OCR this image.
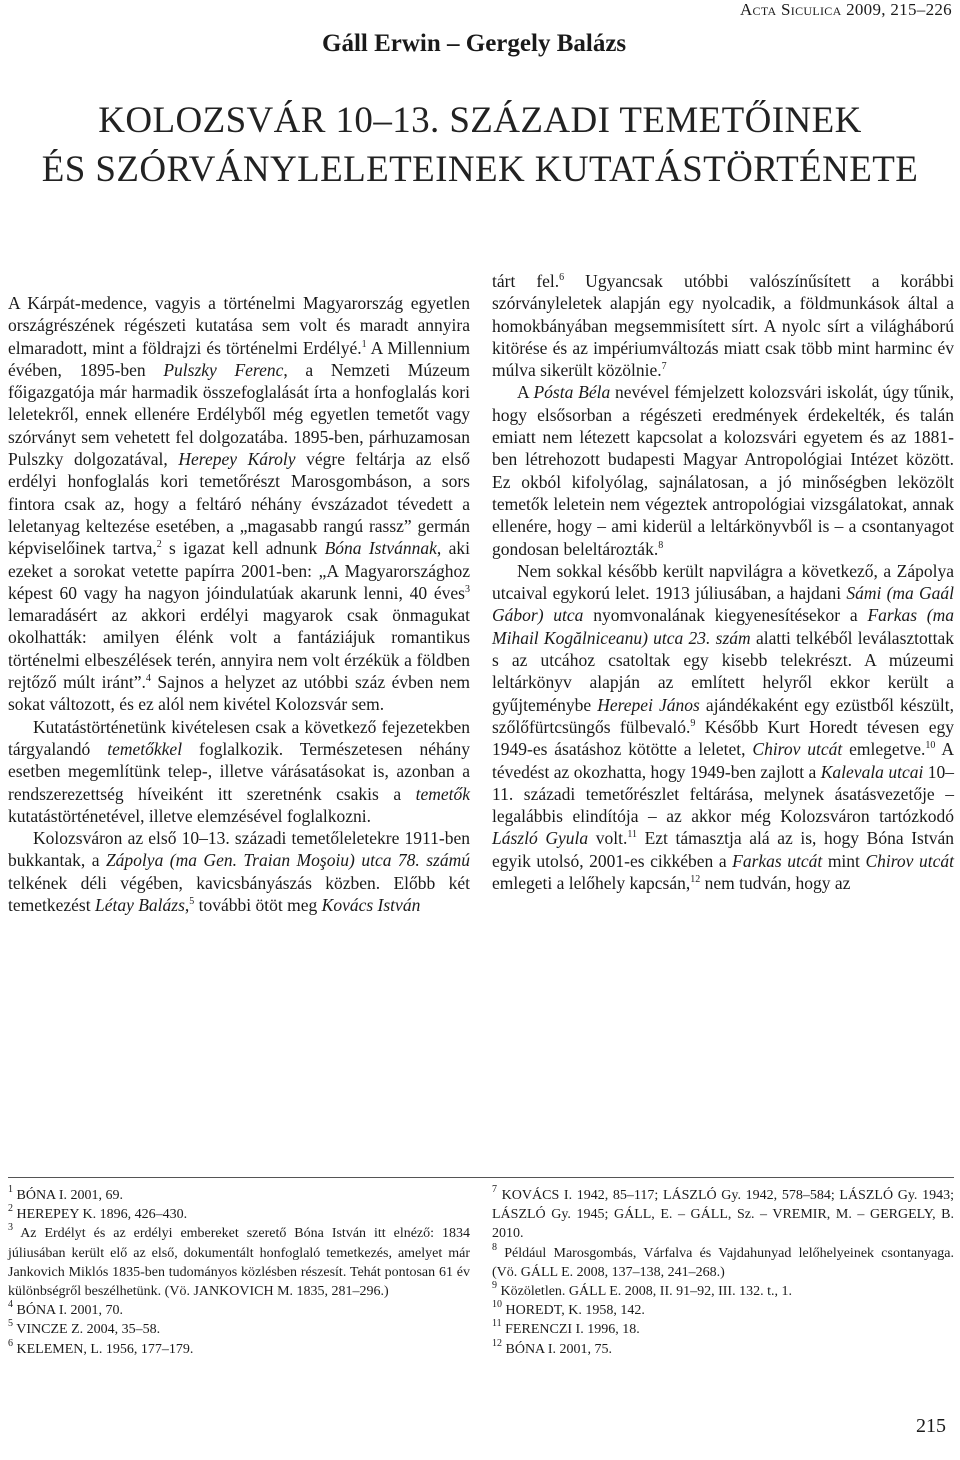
Acta Siculica 2009, 215–226
Gáll Erwin – Gergely Balázs
KOLOZSVÁR 10–13. SZÁZADI TEMETŐINEK
ÉS SZÓRVÁNYLELETEINEK KUTATÁSTÖRTÉNETE

A Kárpát-medence, vagyis a történelmi Magyarország egyetlen országrészének régészeti kutatása sem volt és maradt annyira elmaradott, mint a földrajzi és történelmi Erdélyé.$^1$ A Millennium évében, 1895-ben Pulszky Ferenc, a Nemzeti Múzeum főigazgatója már harmadik összefoglalását írta a honfoglalás kori leletekről, ennek ellenére Erdélyből még egyetlen temetőt vagy szórványt sem vehetett fel dolgozatába. 1895-ben, párhuzamosan Pulszky dolgozatával, Herepey Károly végre feltárja az első erdélyi honfoglalás kori temetőrészt Marosgombáson, a sors fintora csak az, hogy a feltáró néhány évszázadot tévedett a leletanyag keltezése esetében, a „magasabb rangú rassz” germán képviselőinek tartva,$^2$ s igazat kell adnunk Bóna Istvánnak, aki ezeket a sorokat vetette papírra 2001-ben: „A Magyarországhoz képest 60 vagy ha nagyon jóindulatúak akarunk lenni, 40 éves$^3$ lemaradásért az akkori erdélyi magyarok csak önmagukat okolhatták: amilyen élénk volt a fantáziájuk romantikus történelmi elbeszélések terén, annyira nem volt érzékük a földben rejtőző múlt iránt”.$^4$ Sajnos a helyzet az utóbbi száz évben nem sokat változott, és ez alól nem kivétel Kolozsvár sem.

Kutatástörténetünk kivételesen csak a következő fejezetekben tárgyalandó temetőkkel foglalkozik. Természetesen néhány esetben megemlítünk telep-, illetve várásatásokat is, azonban a rendszerezettség híveiként itt szeretnénk csakis a temetők kutatástörténetével, illetve elemzésével foglalkozni.

Kolozsváron az első 10–13. századi temetőleletekre 1911-ben bukkantak, a Zápolya (ma Gen. Traian Moşoiu) utca 78. számú telkének déli végében, kavicsbányászás közben. Előbb két temetkezést Létay Balázs,$^5$ további ötöt meg Kovács István

tárt fel.$^6$ Ugyancsak utóbbi valószínűsített a korábbi szórványleletek alapján egy nyolcadik, a földmunkások által a homokbányában megsemmisített sírt. A nyolc sírt a világháború kitörése és az impériumváltozás miatt csak több mint harminc év múlva sikerült közölnie.$^7$

A Pósta Béla nevével fémjelzett kolozsvári iskolát, úgy tűnik, hogy elsősorban a régészeti eredmények érdekelték, és talán emiatt nem létezett kapcsolat a kolozsvári egyetem és az 1881-ben létrehozott budapesti Magyar Antropológiai Intézet között. Ez okból kifolyólag, sajnálatosan, a jó minőségben leközölt temetők leletein nem végeztek antropológiai vizsgálatokat, annak ellenére, hogy – ami kiderül a leltárkönyvből is – a csontanyagot gondosan beleltározták.$^8$

Nem sokkal később került napvilágra a következő, a Zápolya utcaival egykorú lelet. 1913 júliusában, a hajdani Sámi (ma Gaál Gábor) utca nyomvonalának kiegyenesítésekor a Farkas (ma Mihail Kogălniceanu) utca 23. szám alatti telkéből leválasztottak s az utcához csatoltak egy kisebb telekrészt. A múzeumi leltárkönyv alapján az említett helyről ekkor került a gyűjteménybe Herepei János ajándékaként egy ezüstből készült, szőlőfürtcsüngős fülbevaló.$^9$ Később Kurt Horedt tévesen egy 1949-es ásatáshoz kötötte a leletet, Chirov utcát emlegetve.$^{10}$ A tévedést az okozhatta, hogy 1949-ben zajlott a Kalevala utcai 10–11. századi temetőrészlet feltárása, melynek ásatásvezetője – legalábbis elindítója – az akkor még Kolozsváron tartózkodó László Gyula volt.$^{11}$ Ezt támasztja alá az is, hogy Bóna István egyik utolsó, 2001-es cikkében a Farkas utcát mint Chirov utcát emlegeti a lelőhely kapcsán,$^{12}$ nem tudván, hogy az

$^1$ BÓNA I. 2001, 69.

$^2$ HEREPEY K. 1896, 426–430.

$^3$ Az Erdélyt és az erdélyi embereket szerető Bóna István itt elnéző: 1834 júliusában került elő az első, dokumentált honfoglaló temetkezés, amelyet már Jankovich Miklós 1835-ben tudományos közlésben részesít. Tehát pontosan 61 év különbségről beszélhetünk. (Vö. JANKOVICH M. 1835, 281–296.)

$^4$ BÓNA I. 2001, 70.

$^5$ VINCZE Z. 2004, 35–58.

$^6$ KELEMEN, L. 1956, 177–179.

$^7$ KOVÁCS I. 1942, 85–117; LÁSZLÓ Gy. 1942, 578–584; LÁSZLÓ Gy. 1943; LÁSZLÓ Gy. 1945; GÁLL, E. – GÁLL, Sz. – VREMIR, M. – GERGELY, B. 2010.

$^8$ Például Marosgombás, Várfalva és Vajdahunyad lelőhelyeinek csontanyaga. (Vö. GÁLL E. 2008, 137–138, 241–268.)

$^9$ Közöletlen. GÁLL E. 2008, II. 91–92, III. 132. t., 1.

$^{10}$ HOREDT, K. 1958, 142.

$^{11}$ FERENCZI I. 1996, 18.

$^{12}$ BÓNA I. 2001, 75.

215
